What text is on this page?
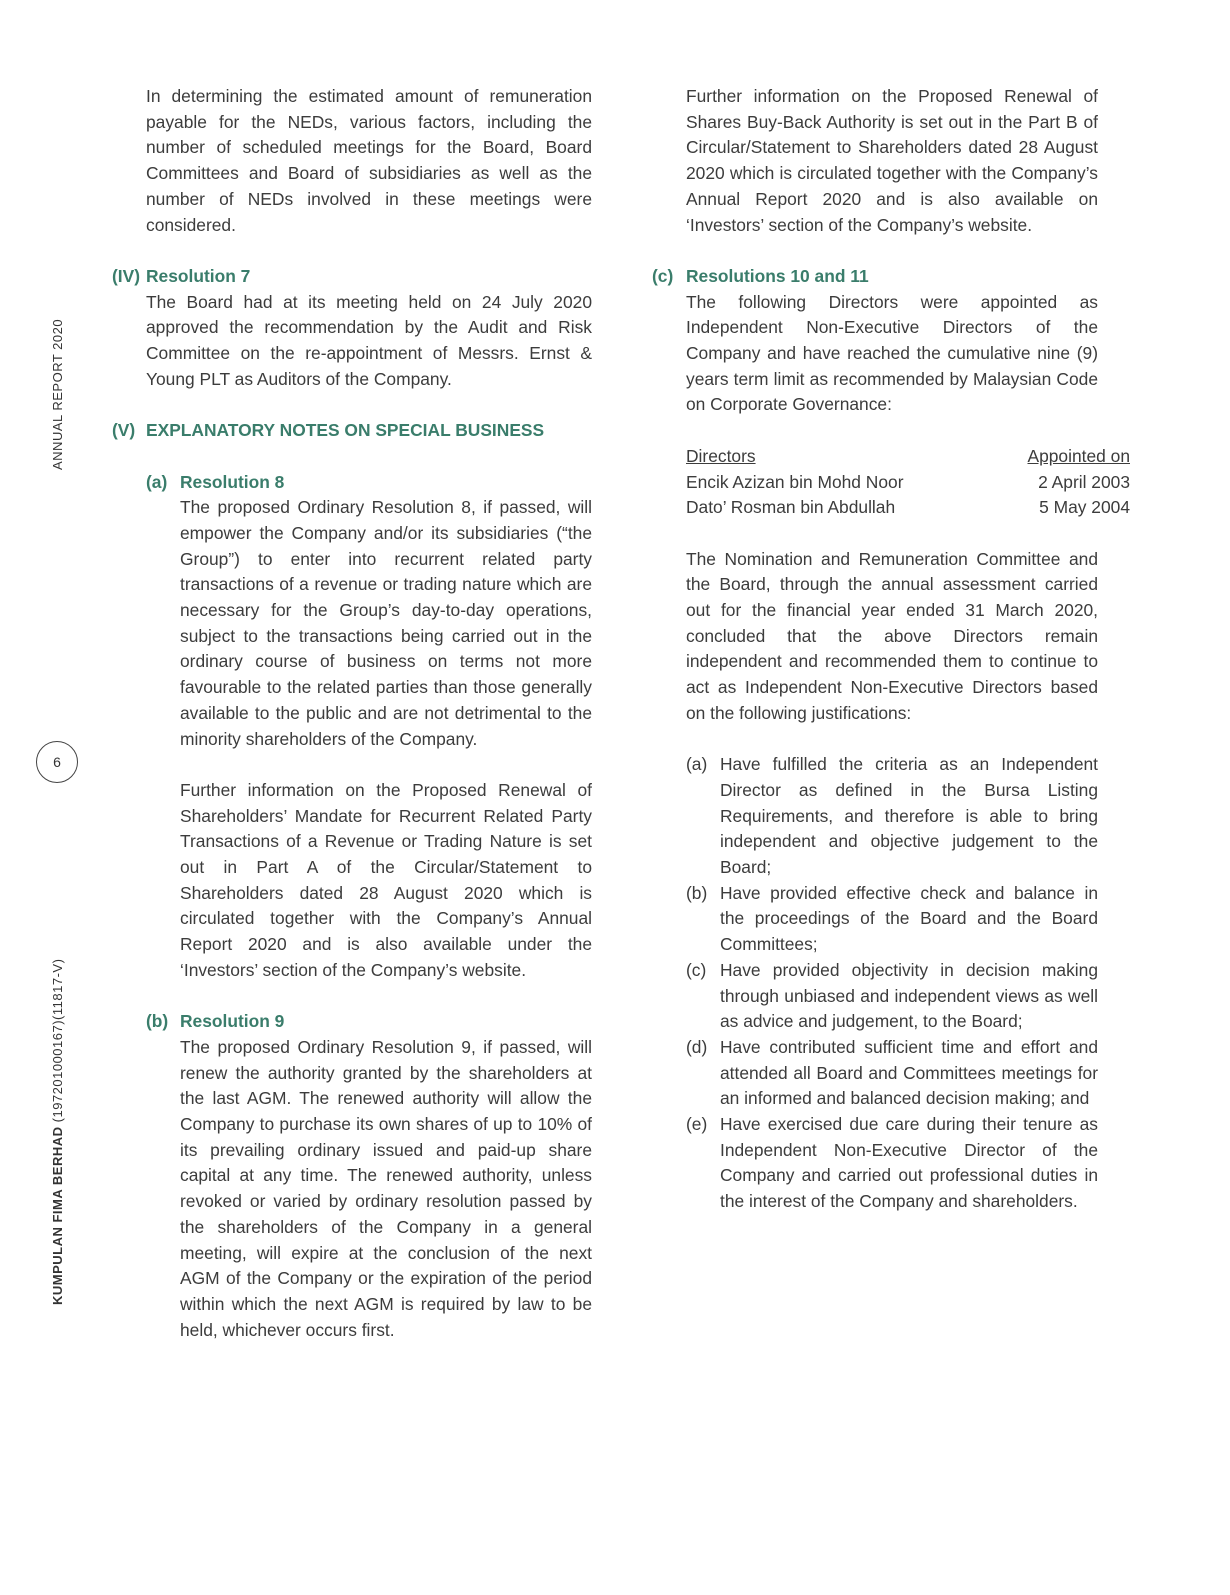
ANNUAL REPORT 2020
KUMPULAN FIMA BERHAD (197201000167)(11817-V)
6

In determining the estimated amount of remuneration payable for the NEDs, various factors, including the number of scheduled meetings for the Board, Board Committees and Board of subsidiaries as well as the number of NEDs involved in these meetings were considered.

(IV) Resolution 7

The Board had at its meeting held on 24 July 2020 approved the recommendation by the Audit and Risk Committee on the re-appointment of Messrs. Ernst & Young PLT as Auditors of the Company.

(V) EXPLANATORY NOTES ON SPECIAL BUSINESS
(a) Resolution 8

The proposed Ordinary Resolution 8, if passed, will empower the Company and/or its subsidiaries (“the Group”) to enter into recurrent related party transactions of a revenue or trading nature which are necessary for the Group’s day-to-day operations, subject to the transactions being carried out in the ordinary course of business on terms not more favourable to the related parties than those generally available to the public and are not detrimental to the minority shareholders of the Company.

Further information on the Proposed Renewal of Shareholders’ Mandate for Recurrent Related Party Transactions of a Revenue or Trading Nature is set out in Part A of the Circular/Statement to Shareholders dated 28 August 2020 which is circulated together with the Company’s Annual Report 2020 and is also available under the ‘Investors’ section of the Company’s website.

(b) Resolution 9

The proposed Ordinary Resolution 9, if passed, will renew the authority granted by the shareholders at the last AGM. The renewed authority will allow the Company to purchase its own shares of up to 10% of its prevailing ordinary issued and paid-up share capital at any time. The renewed authority, unless revoked or varied by ordinary resolution passed by the shareholders of the Company in a general meeting, will expire at the conclusion of the next AGM of the Company or the expiration of the period within which the next AGM is required by law to be held, whichever occurs first.

Further information on the Proposed Renewal of Shares Buy-Back Authority is set out in the Part B of Circular/Statement to Shareholders dated 28 August 2020 which is circulated together with the Company’s Annual Report 2020 and is also available on ‘Investors’ section of the Company’s website.

(c) Resolutions 10 and 11

The following Directors were appointed as Independent Non-Executive Directors of the Company and have reached the cumulative nine (9) years term limit as recommended by Malaysian Code on Corporate Governance:

Directors	Appointed on
Encik Azizan bin Mohd Noor	2 April 2003
Dato’ Rosman bin Abdullah	5 May 2004

The Nomination and Remuneration Committee and the Board, through the annual assessment carried out for the financial year ended 31 March 2020, concluded that the above Directors remain independent and recommended them to continue to act as Independent Non-Executive Directors based on the following justifications:

(a) Have fulfilled the criteria as an Independent Director as defined in the Bursa Listing Requirements, and therefore is able to bring independent and objective judgement to the Board;
(b) Have provided effective check and balance in the proceedings of the Board and the Board Committees;
(c) Have provided objectivity in decision making through unbiased and independent views as well as advice and judgement, to the Board;
(d) Have contributed sufficient time and effort and attended all Board and Committees meetings for an informed and balanced decision making; and
(e) Have exercised due care during their tenure as Independent Non-Executive Director of the Company and carried out professional duties in the interest of the Company and shareholders.
